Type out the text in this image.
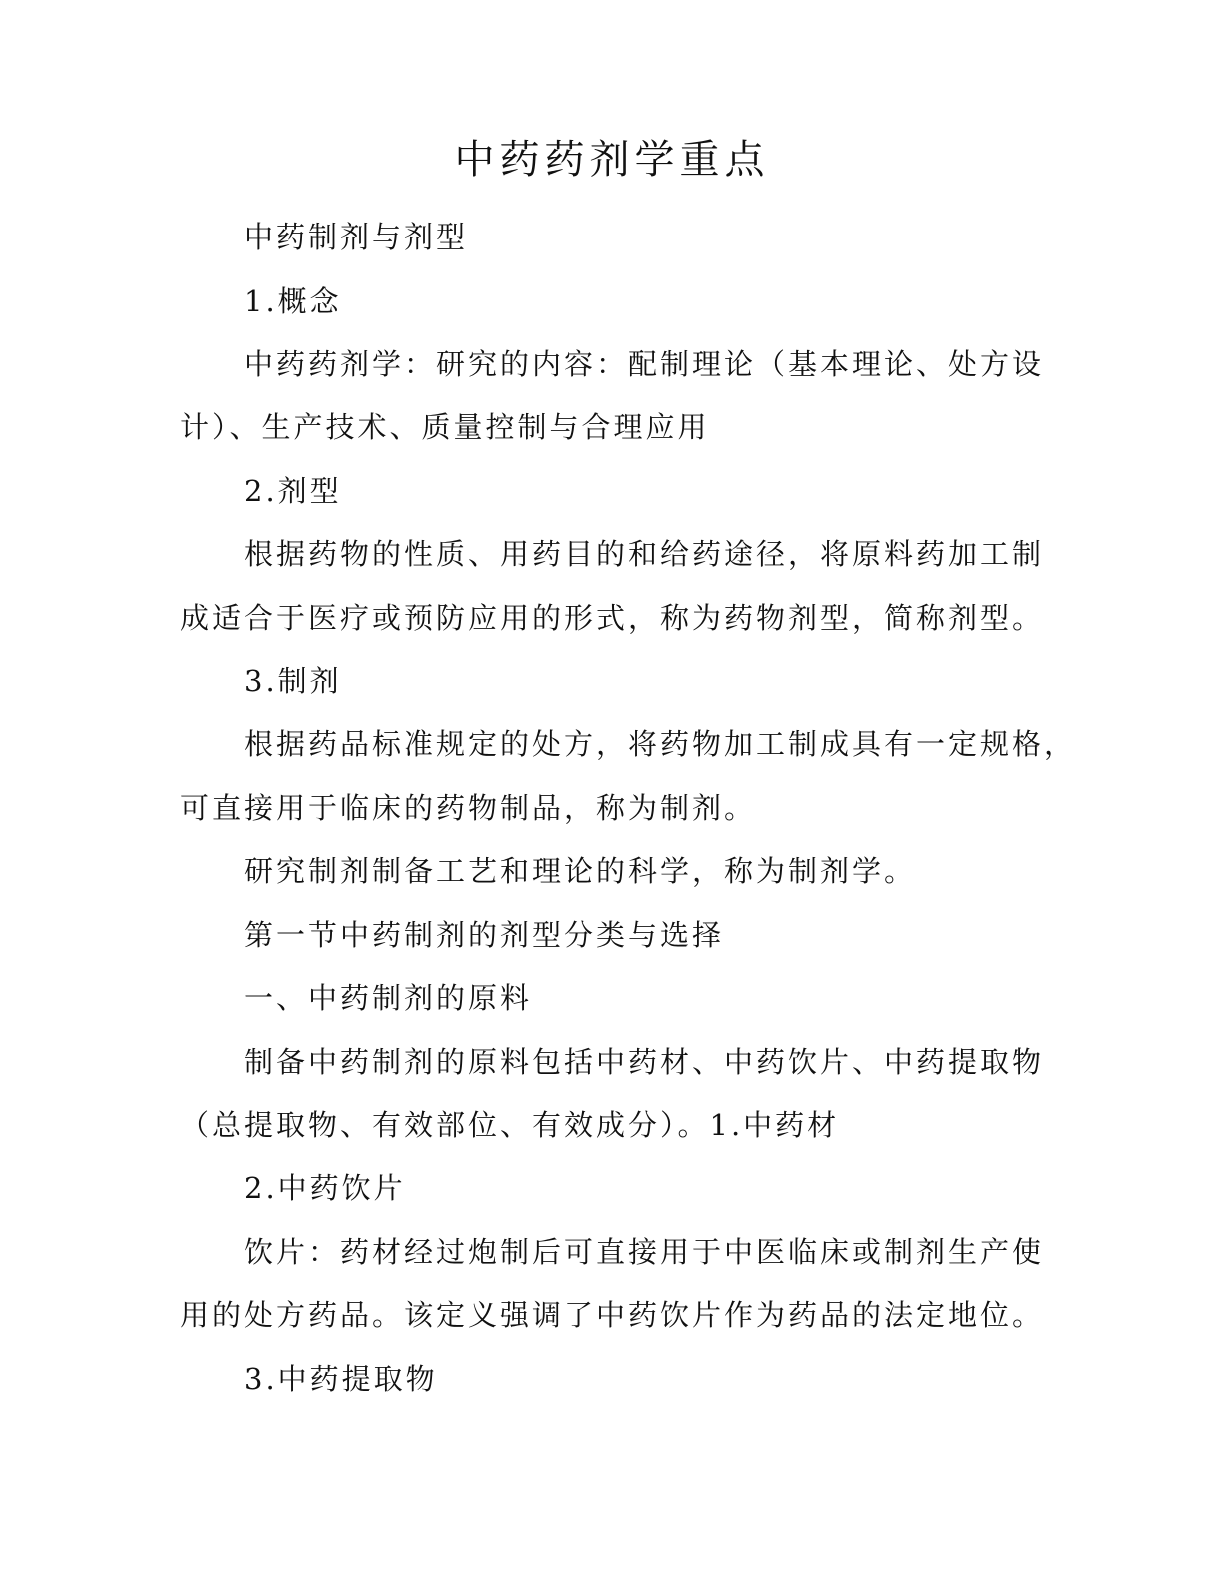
中药药剂学重点

中药制剂与剂型

1.概念

中药药剂学：研究的内容：配制理论（基本理论、处方设

计）、生产技术、质量控制与合理应用

2.剂型

根据药物的性质、用药目的和给药途径，将原料药加工制

成适合于医疗或预防应用的形式，称为药物剂型，简称剂型。

3.制剂

根据药品标准规定的处方，将药物加工制成具有一定规格，

可直接用于临床的药物制品，称为制剂。

研究制剂制备工艺和理论的科学，称为制剂学。

第一节中药制剂的剂型分类与选择

一、中药制剂的原料

制备中药制剂的原料包括中药材、中药饮片、中药提取物

（总提取物、有效部位、有效成分）。1.中药材

2.中药饮片

饮片：药材经过炮制后可直接用于中医临床或制剂生产使

用的处方药品。该定义强调了中药饮片作为药品的法定地位。

3.中药提取物
